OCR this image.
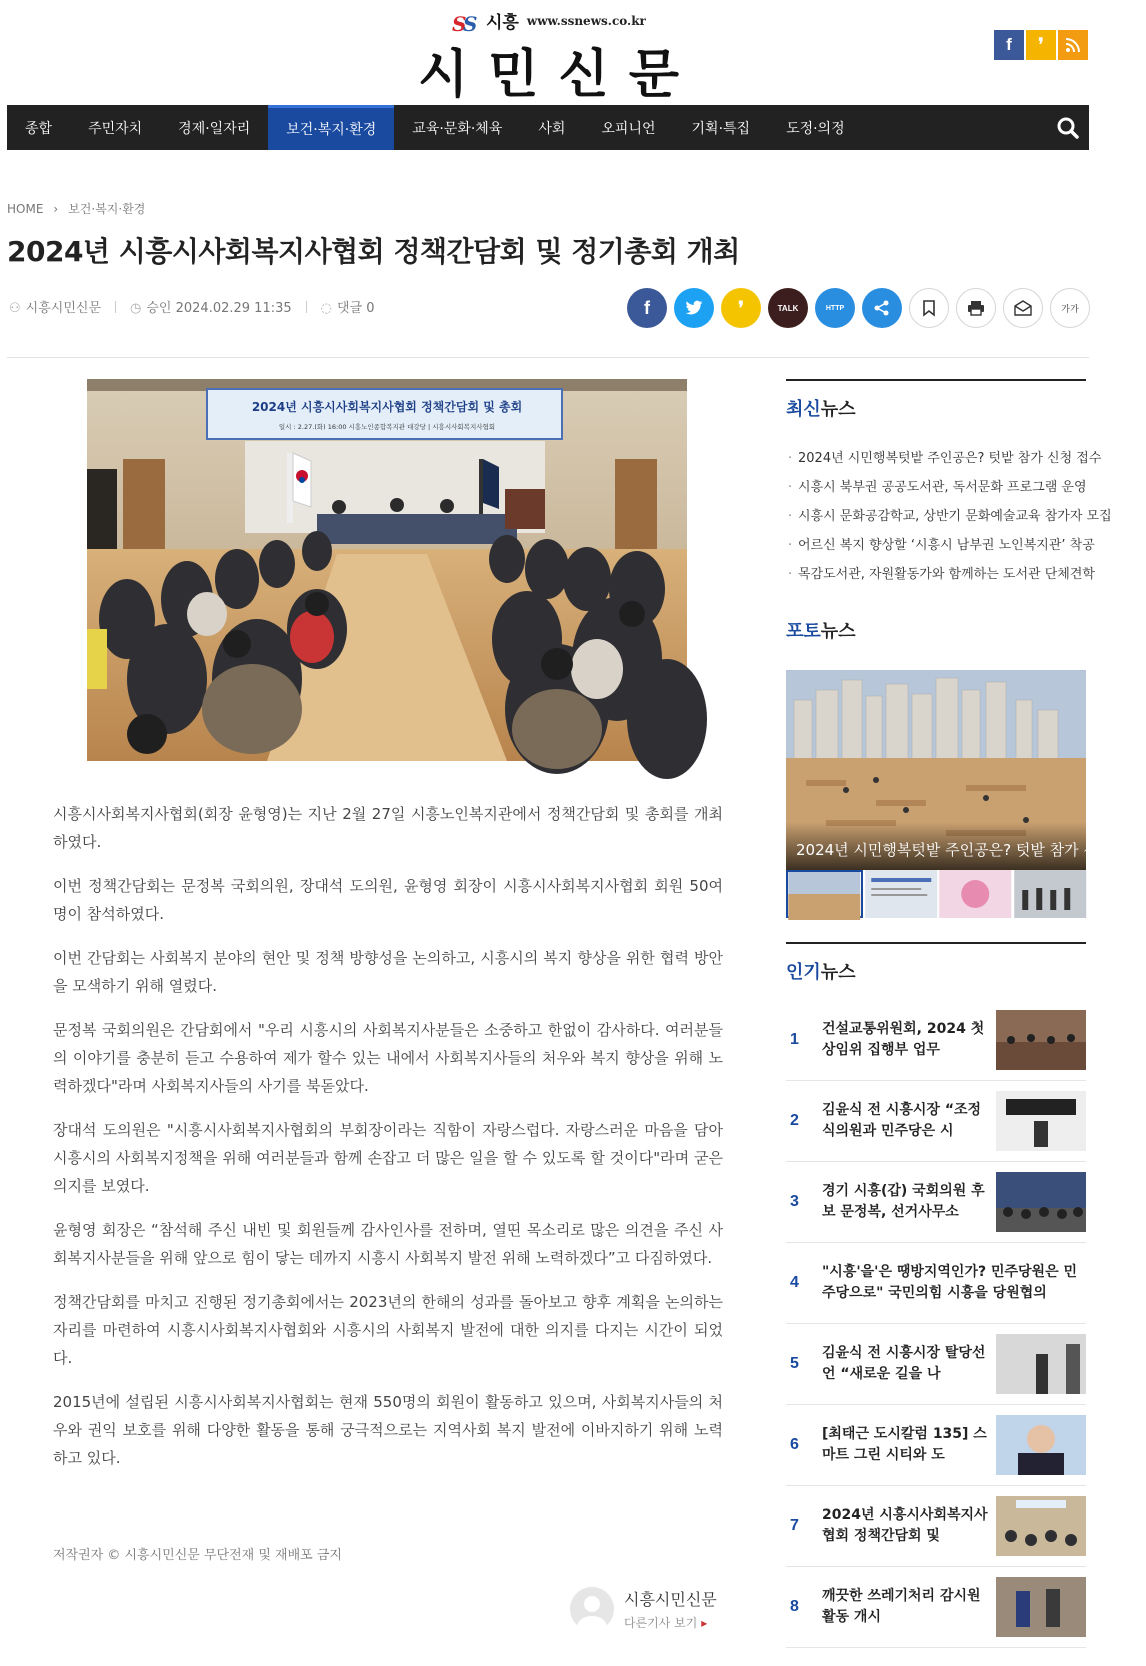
S
S 시흥 www.ssnews.co.kr
시민신문
f	❜
종합	주민자치	경제·일자리	보건·복지·환경	교육·문화·체육	사회	오피니언	기획·특집	도정·의정
HOME › 보건·복지·환경
2024년 시흥시사회복지사협회 정책간담회 및 정기총회 개최
⚇ 시흥시민신문 ◷ 승인 2024.02.29 11:35 ◌ 댓글 0	f	❜	TALK	HTTP	가가
2024년 시흥시사회복지사협회 정책간담회 및 총회
일시 : 2.27.(화) 16:00 시흥노인종합복지관 대강당 | 시흥시사회복지사협회

시흥시사회복지사협회(회장 윤형영)는 지난 2월 27일 시흥노인복지관에서 정책간담회 및 총회를 개최하였다.

이번 정책간담회는 문정복 국회의원, 장대석 도의원, 윤형영 회장이 시흥시사회복지사협회 회원 50여명이 참석하였다.

이번 간담회는 사회복지 분야의 현안 및 정책 방향성을 논의하고, 시흥시의 복지 향상을 위한 협력 방안을 모색하기 위해 열렸다.

문정복 국회의원은 간담회에서 "우리 시흥시의 사회복지사분들은 소중하고 한없이 감사하다. 여러분들의 이야기를 충분히 듣고 수용하여 제가 할수 있는 내에서 사회복지사들의 처우와 복지 향상을 위해 노력하겠다"라며 사회복지사들의 사기를 북돋았다.

장대석 도의원은 "시흥시사회복지사협회의 부회장이라는 직함이 자랑스럽다. 자랑스러운 마음을 담아 시흥시의 사회복지정책을 위해 여러분들과 함께 손잡고 더 많은 일을 할 수 있도록 할 것이다"라며 굳은 의지를 보였다.

윤형영 회장은 “참석해 주신 내빈 및 회원들께 감사인사를 전하며, 열띤 목소리로 많은 의견을 주신 사회복지사분들을 위해 앞으로 힘이 닿는 데까지 시흥시 사회복지 발전 위해 노력하겠다”고 다짐하였다.

정책간담회를 마치고 진행된 정기총회에서는 2023년의 한해의 성과를 돌아보고 향후 계획을 논의하는 자리를 마련하여 시흥시사회복지사협회와 시흥시의 사회복지 발전에 대한 의지를 다지는 시간이 되었다.

2015년에 설립된 시흥시사회복지사협회는 현재 550명의 회원이 활동하고 있으며, 사회복지사들의 처우와 권익 보호를 위해 다양한 활동을 통해 궁극적으로는 지역사회 복지 발전에 이바지하기 위해 노력하고 있다.

저작권자 © 시흥시민신문 무단전재 및 재배포 금지
시흥시민신문
다른기사 보기 ▸
최신뉴스
· 2024년 시민행복텃밭 주인공은? 텃밭 참가 신청 접수
· 시흥시 북부권 공공도서관, 독서문화 프로그램 운영
· 시흥시 문화공감학교, 상반기 문화예술교육 참가자 모집
· 어르신 복지 향상할 ‘시흥시 남부권 노인복지관’ 착공
· 목감도서관, 자원활동가와 함께하는 도서관 단체견학
포토뉴스
2024년 시민행복텃밭 주인공은? 텃밭 참가 신청 접수
인기뉴스
1
건설교통위원회, 2024 첫 상임위 집행부 업무
2
김윤식 전 시흥시장 “조정식의원과 민주당은 시
3
경기 시흥(갑) 국회의원 후보 문정복, 선거사무소
4
"시흥'을'은 땡방지역인가? 민주당원은 민주당으로" 국민의힘 시흥을 당원협의
5
김윤식 전 시흥시장 탈당선언 “새로운 길을 나
6
[최태근 도시칼럼 135] 스마트 그린 시티와 도
7
2024년 시흥시사회복지사협회 정책간담회 및
8
깨끗한 쓰레기처리 감시원 활동 개시
